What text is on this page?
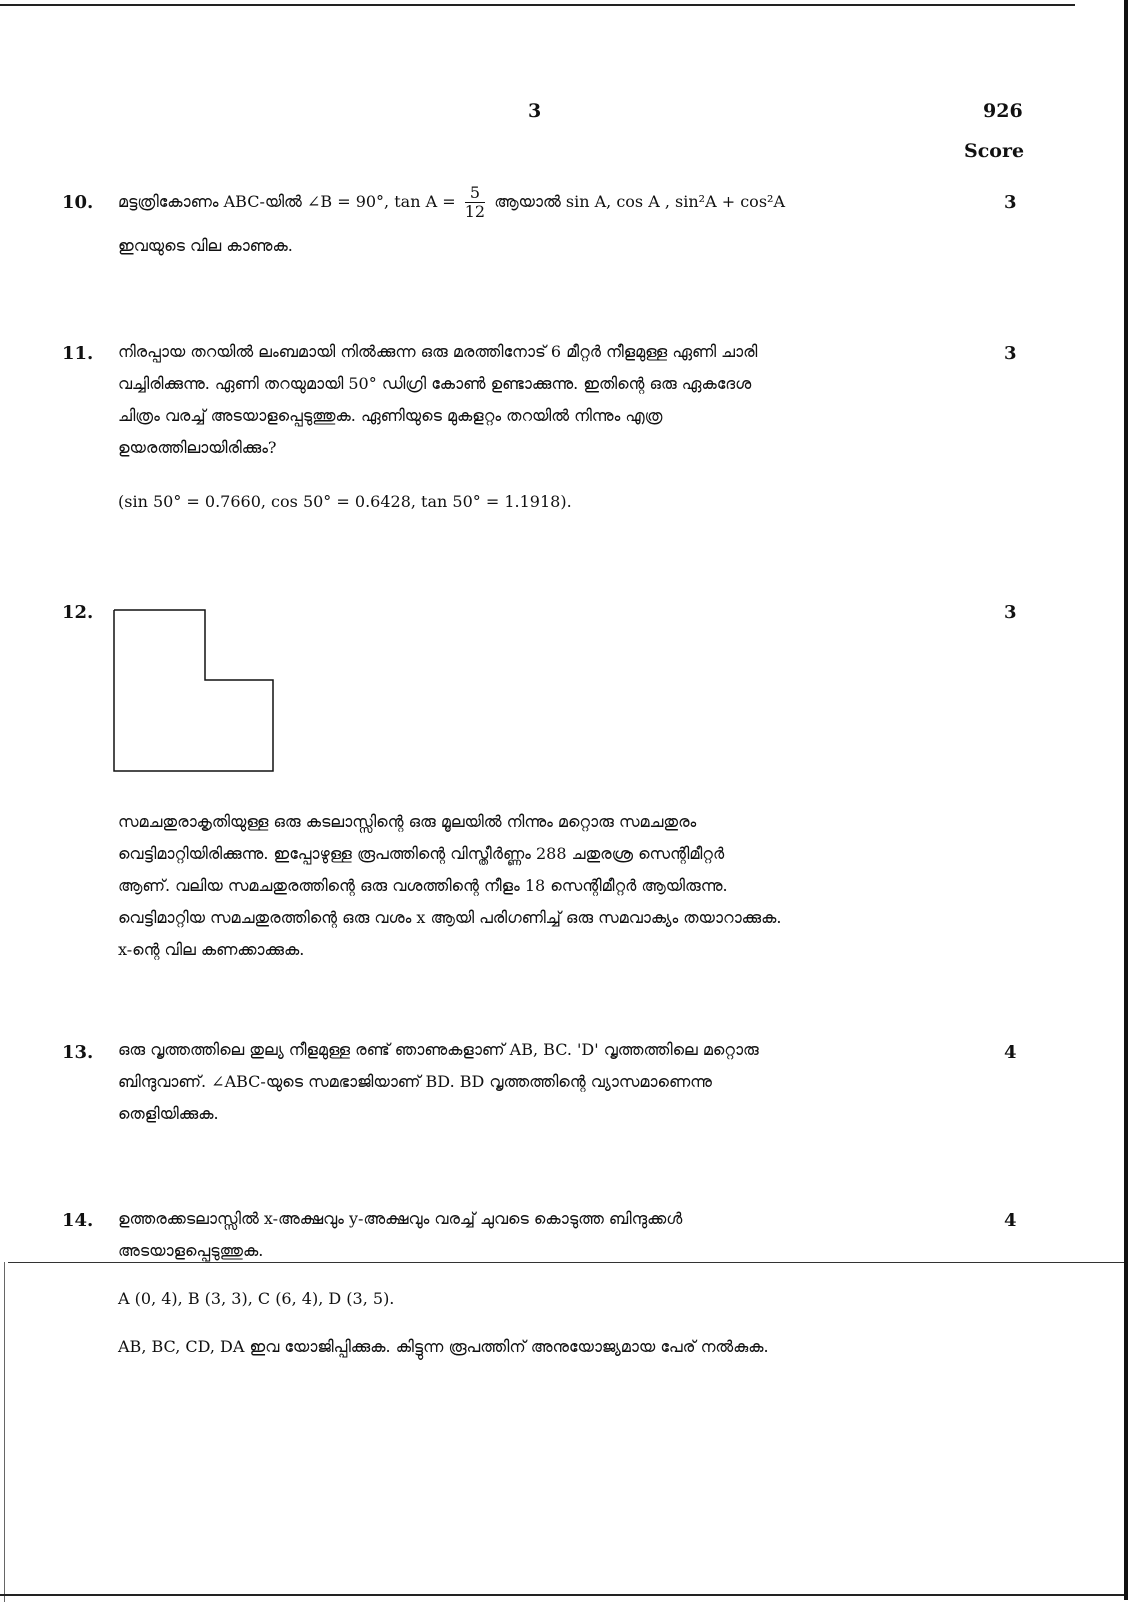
3	926
Score
10.	3
മട്ടത്രികോണം ABC-യിൽ ∠B = 90°, $\tan A = \frac{5}{12}$ ആയാൽ sin A, cos A , sin²A + cos²A
ഇവയുടെ വില കാണുക.
11.	3
നിരപ്പായ തറയിൽ ലംബമായി നിൽക്കുന്ന ഒരു മരത്തിനോട് 6 മീറ്റർ നീളമുള്ള ഏണി ചാരി
വച്ചിരിക്കുന്നു. ഏണി തറയുമായി 50° ഡിഗ്രി കോൺ ഉണ്ടാക്കുന്നു. ഇതിന്റെ ഒരു ഏകദേശ
ചിത്രം വരച്ച് അടയാളപ്പെടുത്തുക. ഏണിയുടെ മുകളറ്റം തറയിൽ നിന്നും എത്ര
ഉയരത്തിലായിരിക്കും?
(sin 50° = 0.7660, cos 50° = 0.6428, tan 50° = 1.1918).
12.	3
സമചതുരാകൃതിയുള്ള ഒരു കടലാസ്സിന്റെ ഒരു മൂലയിൽ നിന്നും മറ്റൊരു സമചതുരം
വെട്ടിമാറ്റിയിരിക്കുന്നു. ഇപ്പോഴുള്ള രൂപത്തിന്റെ വിസ്തീർണ്ണം 288 ചതുരശ്ര സെന്റിമീറ്റർ
ആണ്. വലിയ സമചതുരത്തിന്റെ ഒരു വശത്തിന്റെ നീളം 18 സെന്റിമീറ്റർ ആയിരുന്നു.
വെട്ടിമാറ്റിയ സമചതുരത്തിന്റെ ഒരു വശം x ആയി പരിഗണിച്ച് ഒരു സമവാക്യം തയാറാക്കുക.
x-ന്റെ വില കണക്കാക്കുക.
13.	4
ഒരു വൃത്തത്തിലെ തുല്യ നീളമുള്ള രണ്ട് ഞാണുകളാണ് AB, BC. 'D' വൃത്തത്തിലെ മറ്റൊരു
ബിന്ദുവാണ്. ∠ABC-യുടെ സമഭാജിയാണ് BD. BD വൃത്തത്തിന്റെ വ്യാസമാണെന്നു
തെളിയിക്കുക.
14.	4
ഉത്തരക്കടലാസ്സിൽ x-അക്ഷവും y-അക്ഷവും വരച്ച് ചുവടെ കൊടുത്ത ബിന്ദുക്കൾ
അടയാളപ്പെടുത്തുക.
A (0, 4), B (3, 3), C (6, 4), D (3, 5).
AB, BC, CD, DA ഇവ യോജിപ്പിക്കുക. കിട്ടുന്ന രൂപത്തിന് അനുയോജ്യമായ പേര് നൽകുക.
